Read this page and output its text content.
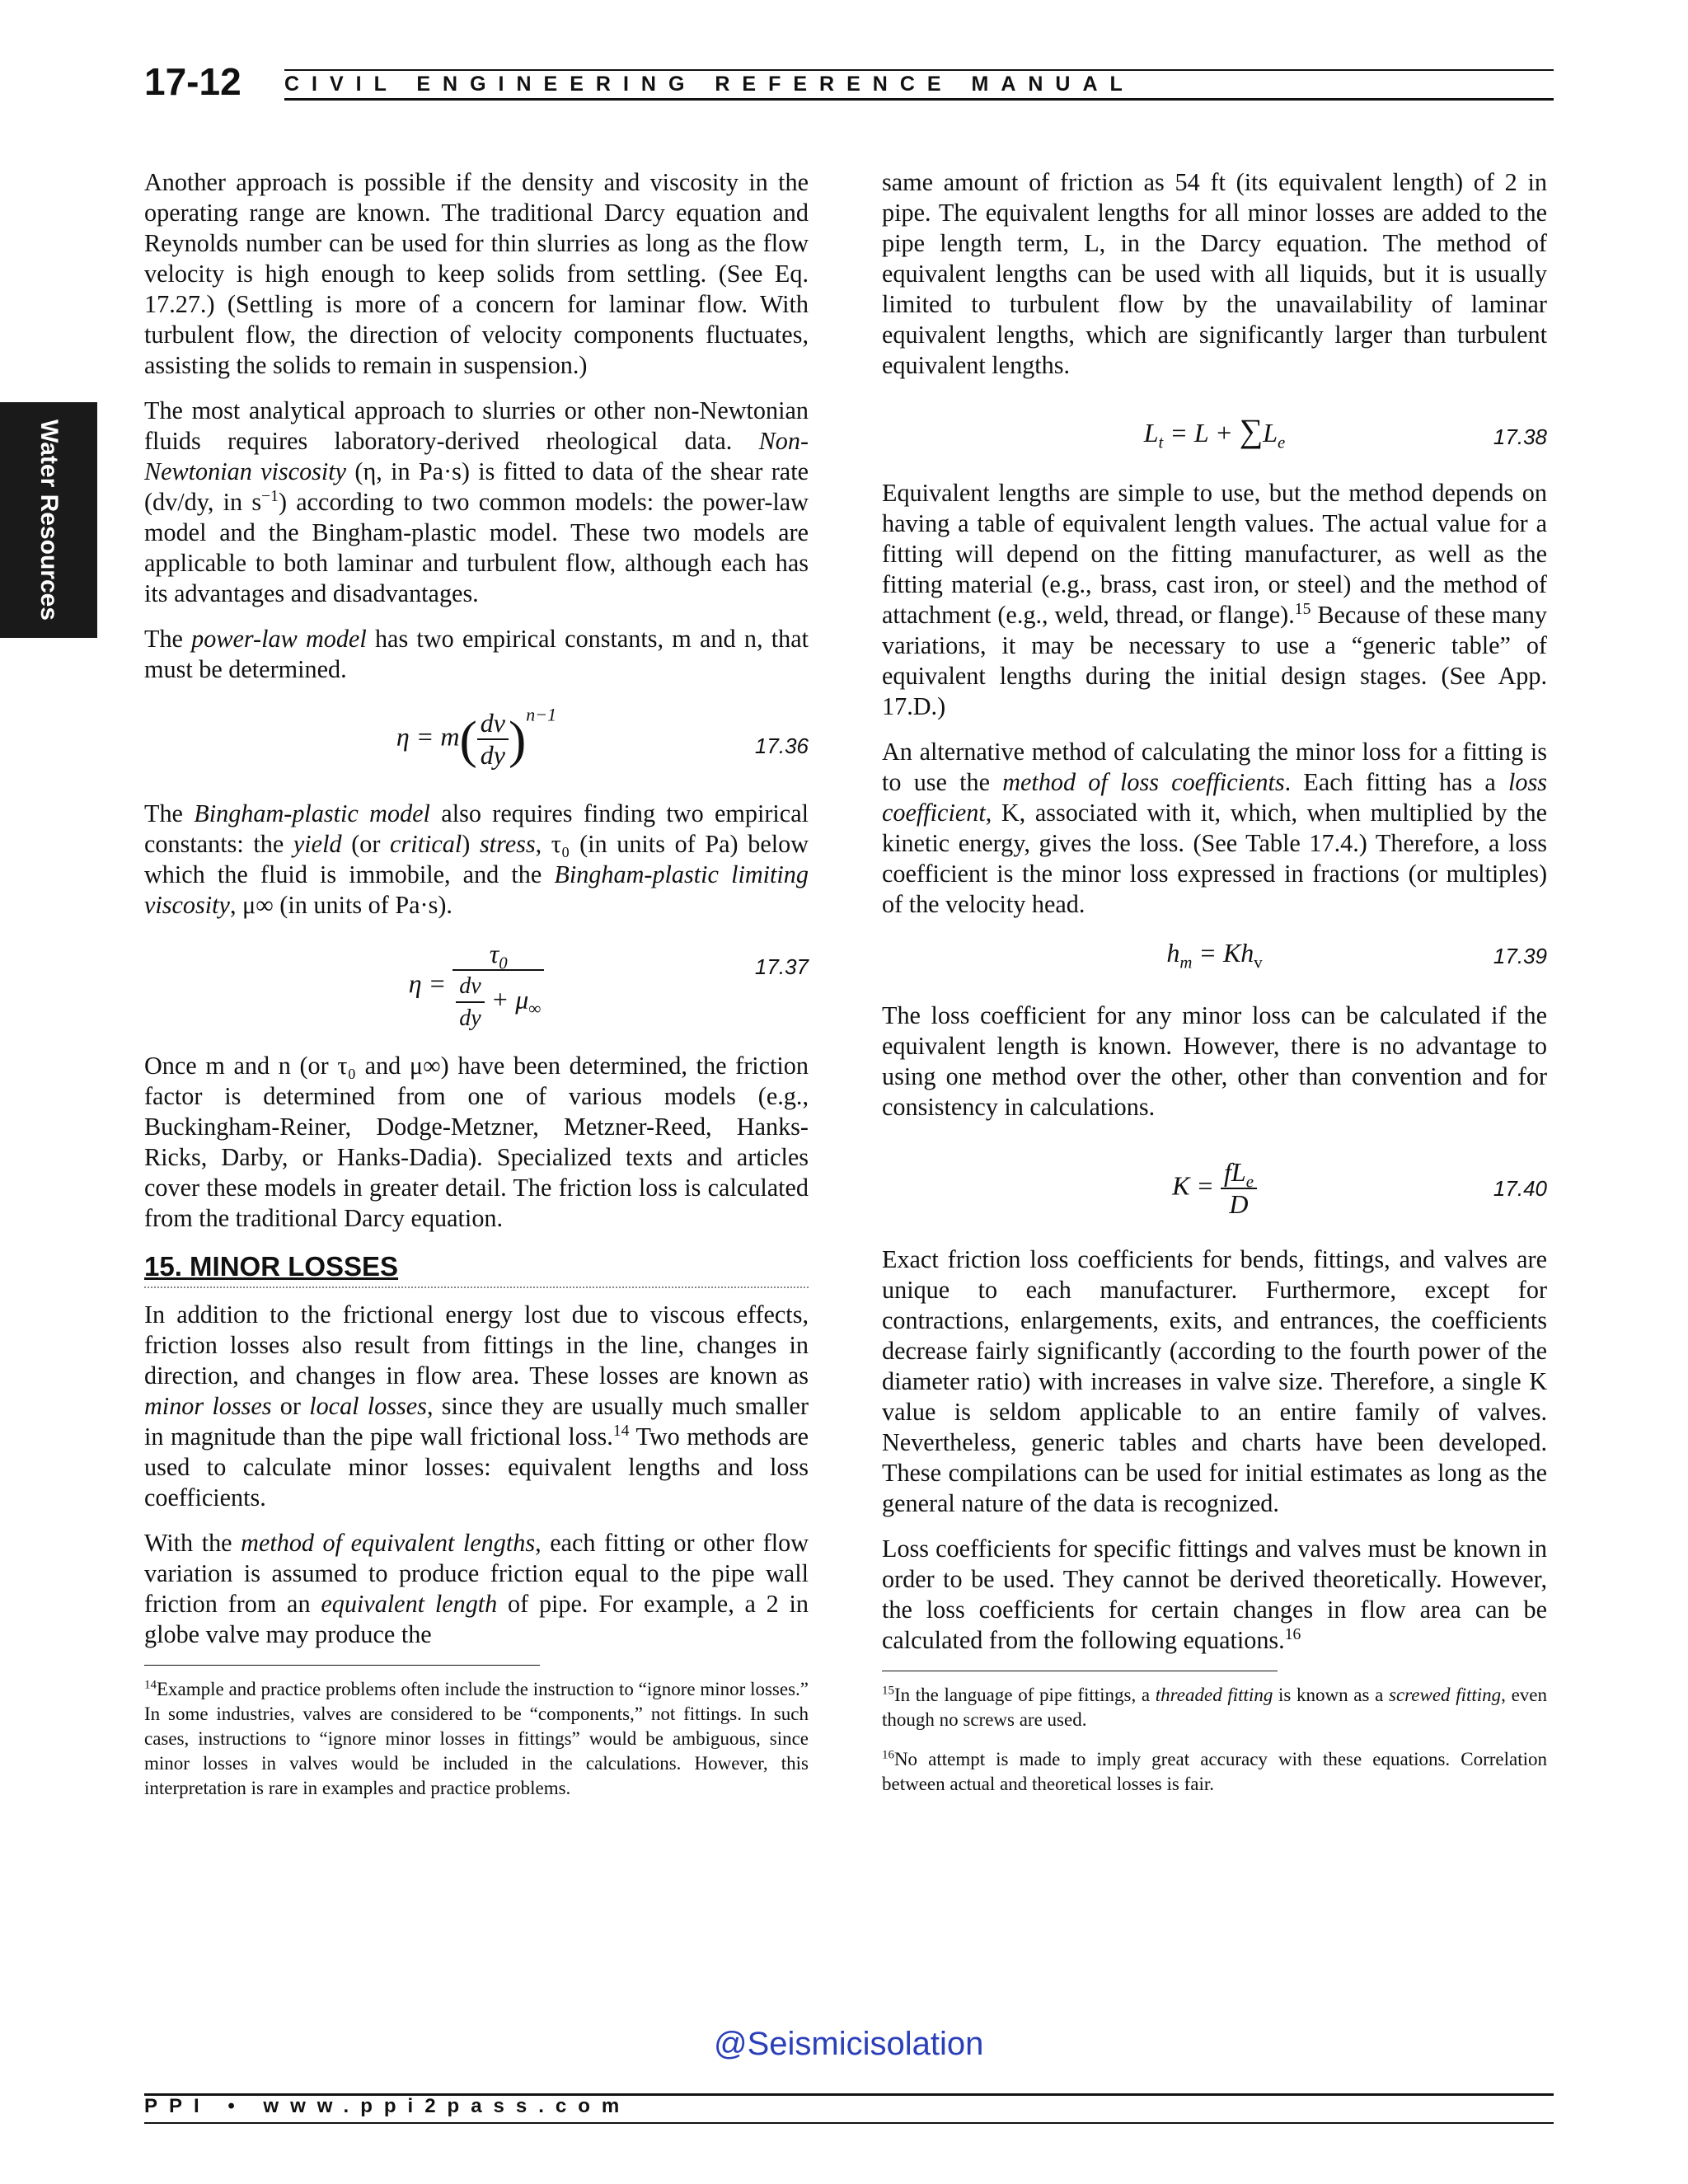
17-12 CIVIL ENGINEERING REFERENCE MANUAL
Water Resources

Another approach is possible if the density and viscosity in the operating range are known. The traditional Darcy equation and Reynolds number can be used for thin slurries as long as the flow velocity is high enough to keep solids from settling. (See Eq. 17.27.) (Settling is more of a concern for laminar flow. With turbulent flow, the direction of velocity components fluctuates, assisting the solids to remain in suspension.)

The most analytical approach to slurries or other non-Newtonian fluids requires laboratory-derived rheological data. Non-Newtonian viscosity (η, in Pa·s) is fitted to data of the shear rate (dv/dy, in $s^{-1}$) according to two common models: the power-law model and the Bingham-plastic model. These two models are applicable to both laminar and turbulent flow, although each has its advantages and disadvantages.

The power-law model has two empirical constants, m and n, that must be determined.

$\eta = m( \frac{dv}{dy} )^{n-1}$
17.36

The Bingham-plastic model also requires finding two empirical constants: the yield (or critical) stress, τ₀ (in units of Pa) below which the fluid is immobile, and the Bingham-plastic limiting viscosity, μ∞ (in units of Pa·s).

$\eta = \frac{\tau_0}{\frac{dv}{dy} + \mu_\infty}$	17.37

Once m and n (or τ₀ and μ∞) have been determined, the friction factor is determined from one of various models (e.g., Buckingham-Reiner, Dodge-Metzner, Metzner-Reed, Hanks-Ricks, Darby, or Hanks-Dadia). Specialized texts and articles cover these models in greater detail. The friction loss is calculated from the traditional Darcy equation.

15. MINOR LOSSES

In addition to the frictional energy lost due to viscous effects, friction losses also result from fittings in the line, changes in direction, and changes in flow area. These losses are known as minor losses or local losses, since they are usually much smaller in magnitude than the pipe wall frictional loss.$^{14}$ Two methods are used to calculate minor losses: equivalent lengths and loss coefficients.

With the method of equivalent lengths, each fitting or other flow variation is assumed to produce friction equal to the pipe wall friction from an equivalent length of pipe. For example, a 2 in globe valve may produce the

$^{14}$Example and practice problems often include the instruction to “ignore minor losses.” In some industries, valves are considered to be “components,” not fittings. In such cases, instructions to “ignore minor losses in fittings” would be ambiguous, since minor losses in valves would be included in the calculations. However, this interpretation is rare in examples and practice problems.

same amount of friction as 54 ft (its equivalent length) of 2 in pipe. The equivalent lengths for all minor losses are added to the pipe length term, L, in the Darcy equation. The method of equivalent lengths can be used with all liquids, but it is usually limited to turbulent flow by the unavailability of laminar equivalent lengths, which are significantly larger than turbulent equivalent lengths.

$L_t = L + \sum L_e$	17.38

Equivalent lengths are simple to use, but the method depends on having a table of equivalent length values. The actual value for a fitting will depend on the fitting manufacturer, as well as the fitting material (e.g., brass, cast iron, or steel) and the method of attachment (e.g., weld, thread, or flange).$^{15}$ Because of these many variations, it may be necessary to use a “generic table” of equivalent lengths during the initial design stages. (See App. 17.D.)

An alternative method of calculating the minor loss for a fitting is to use the method of loss coefficients. Each fitting has a loss coefficient, K, associated with it, which, when multiplied by the kinetic energy, gives the loss. (See Table 17.4.) Therefore, a loss coefficient is the minor loss expressed in fractions (or multiples) of the velocity head.

$h_m = Kh_v$	17.39

The loss coefficient for any minor loss can be calculated if the equivalent length is known. However, there is no advantage to using one method over the other, other than convention and for consistency in calculations.

$K = \frac{fL_e}{D}$	17.40

Exact friction loss coefficients for bends, fittings, and valves are unique to each manufacturer. Furthermore, except for contractions, enlargements, exits, and entrances, the coefficients decrease fairly significantly (according to the fourth power of the diameter ratio) with increases in valve size. Therefore, a single K value is seldom applicable to an entire family of valves. Nevertheless, generic tables and charts have been developed. These compilations can be used for initial estimates as long as the general nature of the data is recognized.

Loss coefficients for specific fittings and valves must be known in order to be used. They cannot be derived theoretically. However, the loss coefficients for certain changes in flow area can be calculated from the following equations.$^{16}$

$^{15}$In the language of pipe fittings, a threaded fitting is known as a screwed fitting, even though no screws are used.

$^{16}$No attempt is made to imply great accuracy with these equations. Correlation between actual and theoretical losses is fair.

@Seismicisolation
PPI • www.ppi2pass.com
